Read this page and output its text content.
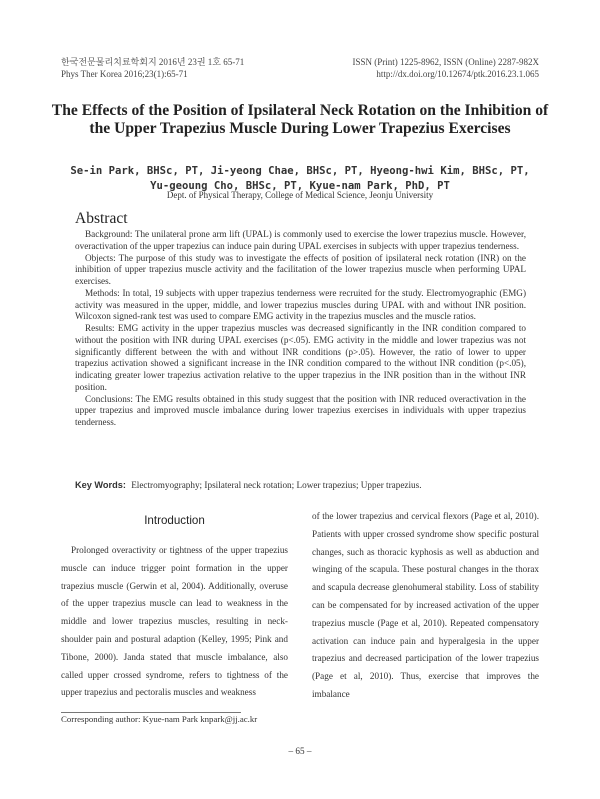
한국전문물리치료학회지 2016년 23권 1호 65-71
Phys Ther Korea 2016;23(1):65-71
ISSN (Print) 1225-8962, ISSN (Online) 2287-982X
http://dx.doi.org/10.12674/ptk.2016.23.1.065
The Effects of the Position of Ipsilateral Neck Rotation on the Inhibition of the Upper Trapezius Muscle During Lower Trapezius Exercises
Se-in Park, BHSc, PT, Ji-yeong Chae, BHSc, PT, Hyeong-hwi Kim, BHSc, PT,
Yu-geoung Cho, BHSc, PT, Kyue-nam Park, PhD, PT
Dept. of Physical Therapy, College of Medical Science, Jeonju University
Abstract

Background: The unilateral prone arm lift (UPAL) is commonly used to exercise the lower trapezius muscle. However, overactivation of the upper trapezius can induce pain during UPAL exercises in subjects with upper trapezius tenderness.

Objects: The purpose of this study was to investigate the effects of position of ipsilateral neck rotation (INR) on the inhibition of upper trapezius muscle activity and the facilitation of the lower trapezius muscle when performing UPAL exercises.

Methods: In total, 19 subjects with upper trapezius tenderness were recruited for the study. Electromyographic (EMG) activity was measured in the upper, middle, and lower trapezius muscles during UPAL with and without INR position. Wilcoxon signed-rank test was used to compare EMG activity in the trapezius muscles and the muscle ratios.

Results: EMG activity in the upper trapezius muscles was decreased significantly in the INR condition compared to without the position with INR during UPAL exercises (p<.05). EMG activity in the middle and lower trapezius was not significantly different between the with and without INR conditions (p>.05). However, the ratio of lower to upper trapezius activation showed a significant increase in the INR condition compared to the without INR condition (p<.05), indicating greater lower trapezius activation relative to the upper trapezius in the INR position than in the without INR position.

Conclusions: The EMG results obtained in this study suggest that the position with INR reduced overactivation in the upper trapezius and improved muscle imbalance during lower trapezius exercises in individuals with upper trapezius tenderness.

Key Words: Electromyography; Ipsilateral neck rotation; Lower trapezius; Upper trapezius.
Introduction

Prolonged overactivity or tightness of the upper trapezius muscle can induce trigger point formation in the upper trapezius muscle (Gerwin et al, 2004). Additionally, overuse of the upper trapezius muscle can lead to weakness in the middle and lower trapezius muscles, resulting in neck-shoulder pain and postural adaption (Kelley, 1995; Pink and Tibone, 2000). Janda stated that muscle imbalance, also called upper crossed syndrome, refers to tightness of the upper trapezius and pectoralis muscles and weakness

of the lower trapezius and cervical flexors (Page et al, 2010). Patients with upper crossed syndrome show specific postural changes, such as thoracic kyphosis as well as abduction and winging of the scapula. These postural changes in the thorax and scapula decrease glenohumeral stability. Loss of stability can be compensated for by increased activation of the upper trapezius muscle (Page et al, 2010). Repeated compensatory activation can induce pain and hyperalgesia in the upper trapezius and decreased participation of the lower trapezius (Page et al, 2010). Thus, exercise that improves the imbalance

Corresponding author: Kyue-nam Park knpark@jj.ac.kr
– 65 –
